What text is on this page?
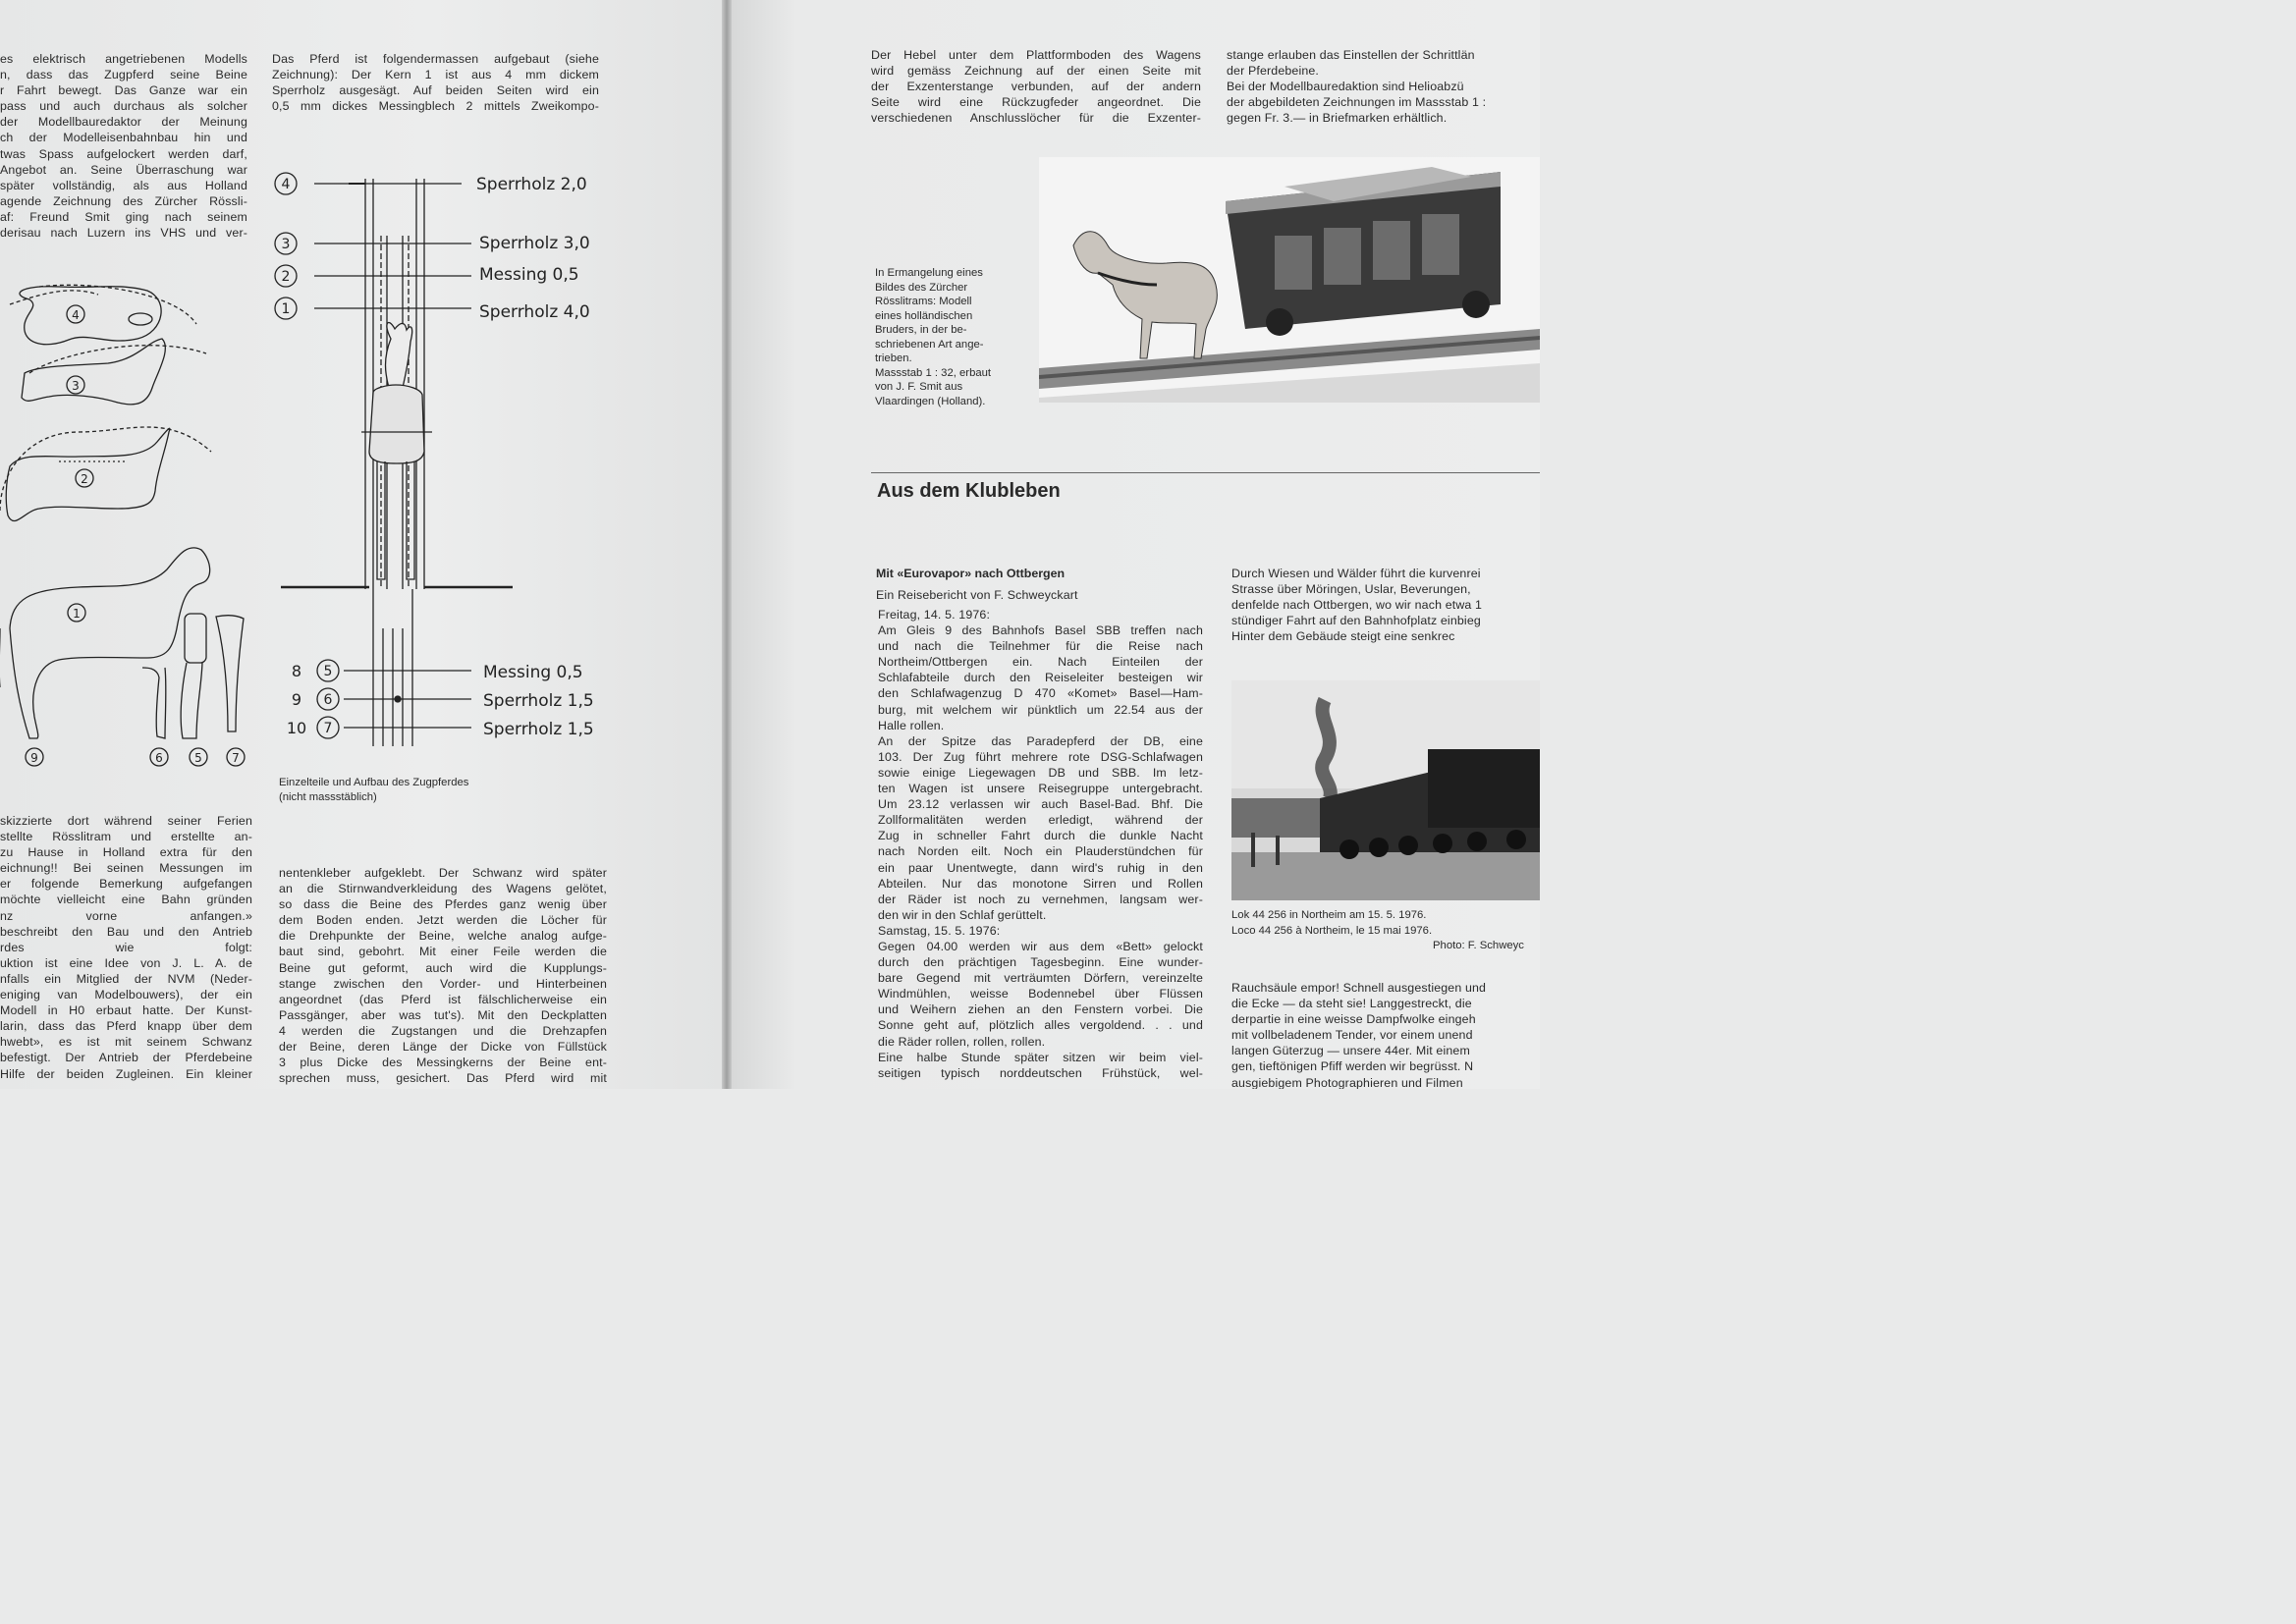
es elektrisch angetriebenen Modells
n, dass das Zugpferd seine Beine
r Fahrt bewegt. Das Ganze war ein
pass und auch durchaus als solcher
der Modellbauredaktor der Meinung
ch der Modelleisenbahnbau hin und
twas Spass aufgelockert werden darf,
Angebot an. Seine Überraschung war
später vollständig, als aus Holland
agende Zeichnung des Zürcher Rössli-
af: Freund Smit ging nach seinem
derisau nach Luzern ins VHS und ver-
Das Pferd ist folgendermassen aufgebaut (siehe
Zeichnung): Der Kern 1 ist aus 4 mm dickem
Sperrholz ausgesägt. Auf beiden Seiten wird ein
0,5 mm dickes Messingblech 2 mittels Zweikompo-
4
3
2
1
Sperrholz 2,0
Sperrholz 3,0
Messing 0,5
Sperrholz 4,0
8
9
10
5
6
7
Messing 0,5
Sperrholz 1,5
Sperrholz 1,5
4
3
2
1
9	6	5	7
Einzelteile und Aufbau des Zugpferdes
(nicht massstäblich)
skizzierte dort während seiner Ferien
stellte Rösslitram und erstellte an-
zu Hause in Holland extra für den
eichnung!! Bei seinen Messungen im
er folgende Bemerkung aufgefangen
möchte vielleicht eine Bahn gründen
nz vorne anfangen.»
beschreibt den Bau und den Antrieb
rdes wie folgt:
uktion ist eine Idee von J. L. A. de
nfalls ein Mitglied der NVM (Neder-
eniging van Modelbouwers), der ein
Modell in H0 erbaut hatte. Der Kunst-
larin, dass das Pferd knapp über dem
hwebt», es ist mit seinem Schwanz
befestigt. Der Antrieb der Pferdebeine
Hilfe der beiden Zugleinen. Ein kleiner
nentenkleber aufgeklebt. Der Schwanz wird später
an die Stirnwandverkleidung des Wagens gelötet,
so dass die Beine des Pferdes ganz wenig über
dem Boden enden. Jetzt werden die Löcher für
die Drehpunkte der Beine, welche analog aufge-
baut sind, gebohrt. Mit einer Feile werden die
Beine gut geformt, auch wird die Kupplungs-
stange zwischen den Vorder- und Hinterbeinen
angeordnet (das Pferd ist fälschlicherweise ein
Passgänger, aber was tut's). Mit den Deckplatten
4 werden die Zugstangen und die Drehzapfen
der Beine, deren Länge der Dicke von Füllstück
3 plus Dicke des Messingkerns der Beine ent-
sprechen muss, gesichert. Das Pferd wird mit
Der Hebel unter dem Plattformboden des Wagens
wird gemäss Zeichnung auf der einen Seite mit
der Exzenterstange verbunden, auf der andern
Seite wird eine Rückzugfeder angeordnet. Die
verschiedenen Anschlusslöcher für die Exzenter-
stange erlauben das Einstellen der Schrittlän
der Pferdebeine.
Bei der Modellbauredaktion sind Helioabzü
der abgebildeten Zeichnungen im Massstab 1 :
gegen Fr. 3.— in Briefmarken erhältlich.
In Ermangelung eines
Bildes des Zürcher
Rösslitrams: Modell
eines holländischen
Bruders, in der be-
schriebenen Art ange-
trieben.
Massstab 1 : 32, erbaut
von J. F. Smit aus
Vlaardingen (Holland).
Aus dem Klubleben
Mit «Eurovapor» nach Ottbergen
Ein Reisebericht von F. Schweyckart
Freitag, 14. 5. 1976:
Am Gleis 9 des Bahnhofs Basel SBB treffen nach
und nach die Teilnehmer für die Reise nach
Northeim/Ottbergen ein. Nach Einteilen der
Schlafabteile durch den Reiseleiter besteigen wir
den Schlafwagenzug D 470 «Komet» Basel—Ham-
burg, mit welchem wir pünktlich um 22.54 aus der
Halle rollen.
An der Spitze das Paradepferd der DB, eine
103. Der Zug führt mehrere rote DSG-Schlafwagen
sowie einige Liegewagen DB und SBB. Im letz-
ten Wagen ist unsere Reisegruppe untergebracht.
Um 23.12 verlassen wir auch Basel-Bad. Bhf. Die
Zollformalitäten werden erledigt, während der
Zug in schneller Fahrt durch die dunkle Nacht
nach Norden eilt. Noch ein Plauderstündchen für
ein paar Unentwegte, dann wird's ruhig in den
Abteilen. Nur das monotone Sirren und Rollen
der Räder ist noch zu vernehmen, langsam wer-
den wir in den Schlaf gerüttelt.
Samstag, 15. 5. 1976:
Gegen 04.00 werden wir aus dem «Bett» gelockt
durch den prächtigen Tagesbeginn. Eine wunder-
bare Gegend mit verträumten Dörfern, vereinzelte
Windmühlen, weisse Bodennebel über Flüssen
und Weihern ziehen an den Fenstern vorbei. Die
Sonne geht auf, plötzlich alles vergoldend. . . und
die Räder rollen, rollen, rollen.
Eine halbe Stunde später sitzen wir beim viel-
seitigen typisch norddeutschen Frühstück, wel-
Durch Wiesen und Wälder führt die kurvenrei
Strasse über Möringen, Uslar, Beverungen,
denfelde nach Ottbergen, wo wir nach etwa 1
stündiger Fahrt auf den Bahnhofplatz einbieg
Hinter dem Gebäude steigt eine senkrec
Lok 44 256 in Northeim am 15. 5. 1976.
Loco 44 256 à Northeim, le 15 mai 1976.
Photo: F. Schweyc
Rauchsäule empor! Schnell ausgestiegen und
die Ecke — da steht sie! Langgestreckt, die
derpartie in eine weisse Dampfwolke eingeh
mit vollbeladenem Tender, vor einem unend
langen Güterzug — unsere 44er. Mit einem
gen, tieftönigen Pfiff werden wir begrüsst. N
ausgiebigem Photographieren und Filmen
